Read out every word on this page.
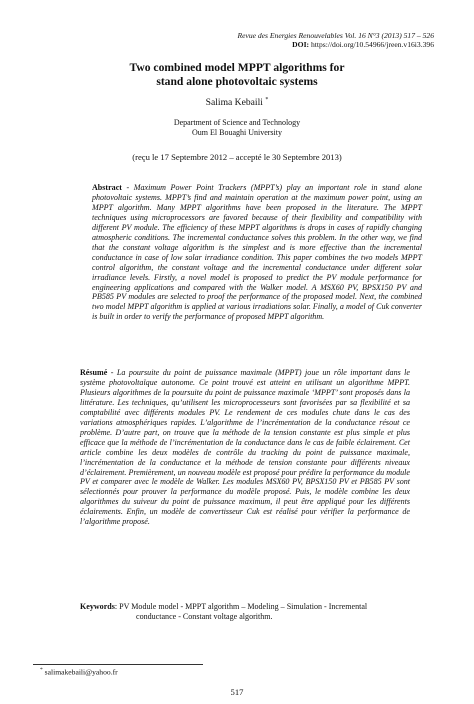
Revue des Energies Renouvelables Vol. 16 N°3 (2013) 517 – 526
DOI: https://doi.org/10.54966/jreen.v16i3.396
Two combined model MPPT algorithms for
stand alone photovoltaic systems
Salima Kebaili *
Department of Science and Technology
Oum El Bouaghi University
(reçu le 17 Septembre 2012 – accepté le 30 Septembre 2013)
Abstract - Maximum Power Point Trackers (MPPT’s) play an important role in stand alone photovoltaic systems. MPPT’s find and maintain operation at the maximum power point, using an MPPT algorithm. Many MPPT algorithms have been proposed in the literature. The MPPT techniques using microprocessors are favored because of their flexibility and compatibility with different PV module. The efficiency of these MPPT algorithms is drops in cases of rapidly changing atmospheric conditions. The incremental conductance solves this problem. In the other way, we find that the constant voltage algorithm is the simplest and is more effective than the incremental conductance in case of low solar irradiance condition. This paper combines the two models MPPT control algorithm, the constant voltage and the incremental conductance under different solar irradiance levels. Firstly, a novel model is proposed to predict the PV module performance for engineering applications and compared with the Walker model. A MSX60 PV, BPSX150 PV and PB585 PV modules are selected to proof the performance of the proposed model. Next, the combined two model MPPT algorithm is applied at various irradiations solar. Finally, a model of Cuk converter is built in order to verify the performance of proposed MPPT algorithm.
Résumé - La poursuite du point de puissance maximale (MPPT) joue un rôle important dans le système photovoltaïque autonome. Ce point trouvé est atteint en utilisant un algorithme MPPT. Plusieurs algorithmes de la poursuite du point de puissance maximale ‘MPPT’ sont proposés dans la littérature. Les techniques, qu’utilisent les microprocesseurs sont favorisées par sa flexibilité et sa comptabilité avec différents modules PV. Le rendement de ces modules chute dans le cas des variations atmosphériques rapides. L’algorithme de l’incrémentation de la conductance résout ce problème. D’autre part, on trouve que la méthode de la tension constante est plus simple et plus efficace que la méthode de l’incrémentation de la conductance dans le cas de faible éclairement. Cet article combine les deux modèles de contrôle du tracking du point de puissance maximale, l’incrémentation de la conductance et la méthode de tension constante pour différents niveaux d’éclairement. Premièrement, un nouveau modèle est proposé pour prédire la performance du module PV et comparer avec le modèle de Walker. Les modules MSX60 PV, BPSX150 PV et PB585 PV sont sélectionnés pour prouver la performance du modèle proposé. Puis, le modèle combine les deux algorithmes du suiveur du point de puissance maximum, il peut être appliqué pour les différents éclairements. Enfin, un modèle de convertisseur Cuk est réalisé pour vérifier la performance de l’algorithme proposé.
Keywords: PV Module model - MPPT algorithm – Modeling – Simulation - Incremental
conductance - Constant voltage algorithm.
* salimakebaili@yahoo.fr
517
